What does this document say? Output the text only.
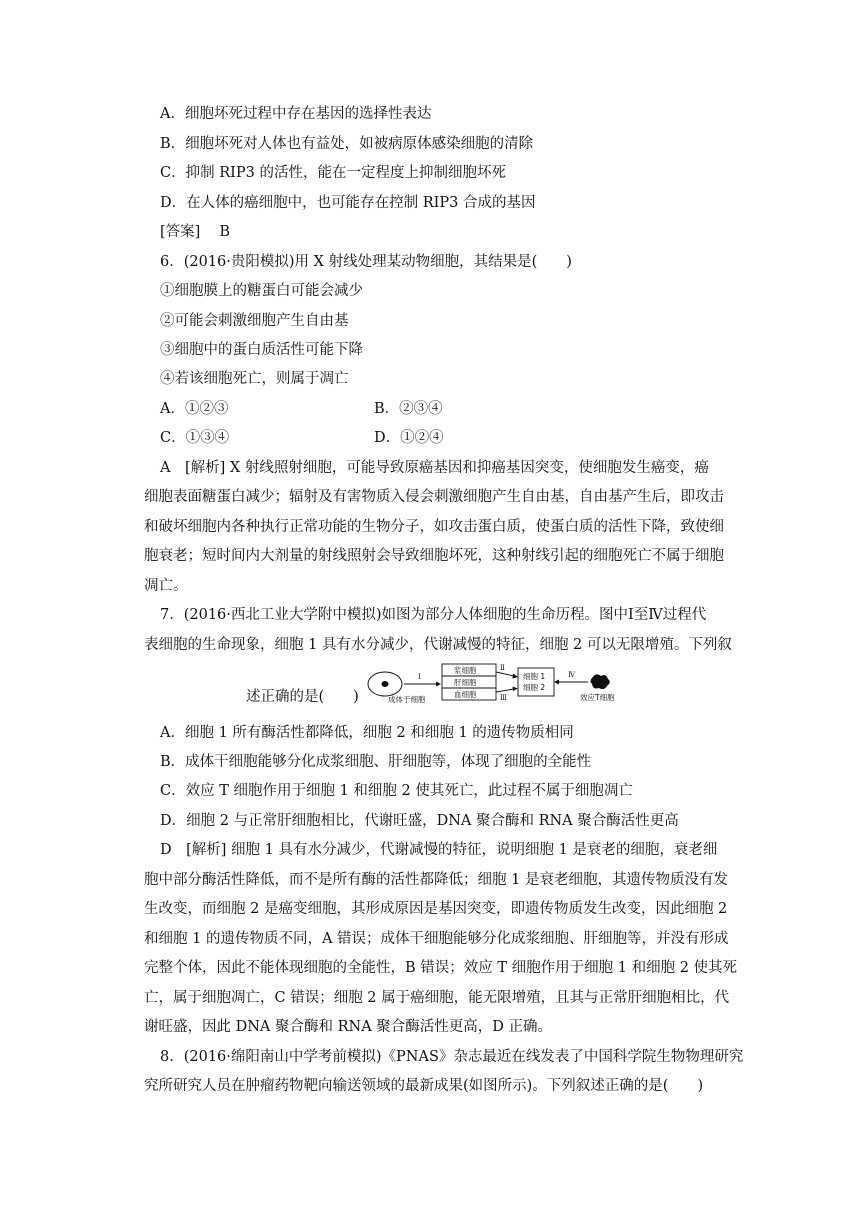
A．细胞坏死过程中存在基因的选择性表达
B．细胞坏死对人体也有益处，如被病原体感染细胞的清除
C．抑制 RIP3 的活性，能在一定程度上抑制细胞坏死
D．在人体的癌细胞中，也可能存在控制 RIP3 合成的基因
[答案]　 B
6．(2016·贵阳模拟)用 X 射线处理某动物细胞，其结果是(　　)
①细胞膜上的糖蛋白可能会减少
②可能会刺激细胞产生自由基
③细胞中的蛋白质活性可能下降
④若该细胞死亡，则属于凋亡
A．①②③	B．②③④
C．①③④	D．①②④
A　[解析] X 射线照射细胞，可能导致原癌基因和抑癌基因突变，使细胞发生癌变，癌
细胞表面糖蛋白减少；辐射及有害物质入侵会刺激细胞产生自由基，自由基产生后，即攻击
和破坏细胞内各种执行正常功能的生物分子，如攻击蛋白质，使蛋白质的活性下降，致使细
胞衰老；短时间内大剂量的射线照射会导致细胞坏死，这种射线引起的细胞死亡不属于细胞
凋亡。
7．(2016·西北工业大学附中模拟)如图为部分人体细胞的生命历程。图中Ⅰ至Ⅳ过程代
表细胞的生命现象，细胞 1 具有水分减少，代谢减慢的特征，细胞 2 可以无限增殖。下列叙
述正确的是(　　)	成体干细胞
Ⅰ
浆细胞
肝细胞
血细胞
Ⅱ
Ⅲ
细胞 1
细胞 2
Ⅳ
效应T细胞
A．细胞 1 所有酶活性都降低，细胞 2 和细胞 1 的遗传物质相同
B．成体干细胞能够分化成浆细胞、肝细胞等，体现了细胞的全能性
C．效应 T 细胞作用于细胞 1 和细胞 2 使其死亡，此过程不属于细胞凋亡
D．细胞 2 与正常肝细胞相比，代谢旺盛，DNA 聚合酶和 RNA 聚合酶活性更高
D　[解析] 细胞 1 具有水分减少，代谢减慢的特征，说明细胞 1 是衰老的细胞，衰老细
胞中部分酶活性降低，而不是所有酶的活性都降低；细胞 1 是衰老细胞，其遗传物质没有发
生改变，而细胞 2 是癌变细胞，其形成原因是基因突变，即遗传物质发生改变，因此细胞 2
和细胞 1 的遗传物质不同，A 错误；成体干细胞能够分化成浆细胞、肝细胞等，并没有形成
完整个体，因此不能体现细胞的全能性，B 错误；效应 T 细胞作用于细胞 1 和细胞 2 使其死
亡，属于细胞凋亡，C 错误；细胞 2 属于癌细胞，能无限增殖，且其与正常肝细胞相比，代
谢旺盛，因此 DNA 聚合酶和 RNA 聚合酶活性更高，D 正确。
8．(2016·绵阳南山中学考前模拟)《PNAS》杂志最近在线发表了中国科学院生物物理研究
究所研究人员在肿瘤药物靶向输送领域的最新成果(如图所示)。下列叙述正确的是(　　)
